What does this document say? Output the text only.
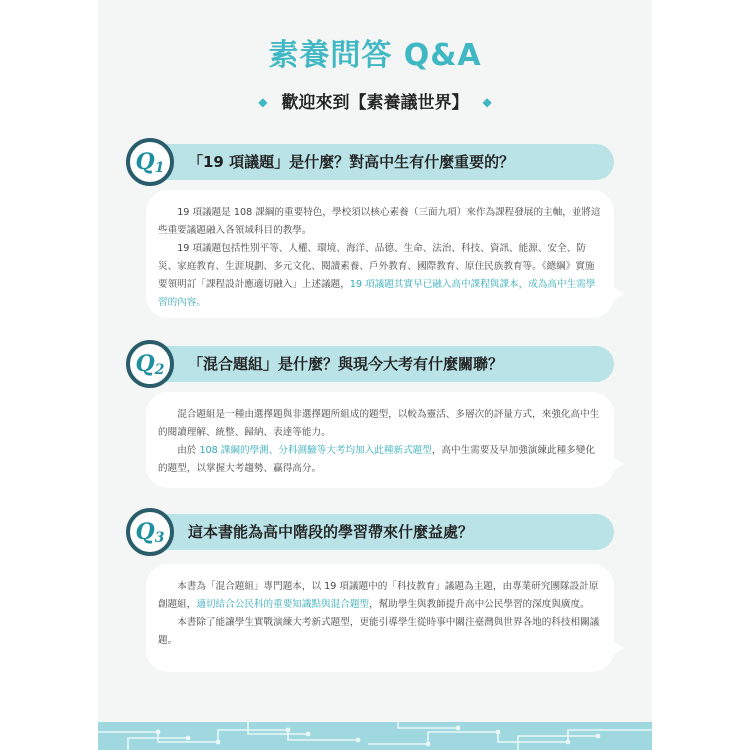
素養問答 Q&A
◆ 歡迎來到【素養議世界】 ◆
$Q_1$	「19 項議題」是什麼？對高中生有什麼重要的？

19 項議題是 108 課綱的重要特色，學校須以核心素養（三面九項）來作為課程發展的主軸，並將這些重要議題融入各領域科目的教學。

19 項議題包括性別平等、人權、環境、海洋、品德、生命、法治、科技、資訊、能源、安全、防災、家庭教育、生涯規劃、多元文化、閱讀素養、戶外教育、國際教育、原住民族教育等。《總綱》實施要領明訂「課程設計應適切融入」上述議題，19 項議題其實早已融入高中課程與課本，成為高中生需學習的內容。

$Q_2$	「混合題組」是什麼？與現今大考有什麼關聯？

混合題組是一種由選擇題與非選擇題所組成的題型，以較為靈活、多層次的評量方式，來強化高中生的閱讀理解、統整、歸納、表達等能力。

由於 108 課綱的學測、分科測驗等大考均加入此種新式題型，高中生需要及早加強演練此種多變化的題型，以掌握大考趨勢、贏得高分。

$Q_3$	這本書能為高中階段的學習帶來什麼益處？

本書為「混合題組」專門題本，以 19 項議題中的「科技教育」議題為主題，由專業研究團隊設計原創題組，適切結合公民科的重要知識點與混合題型，幫助學生與教師提升高中公民學習的深度與廣度。

本書除了能讓學生實戰演練大考新式題型，更能引導學生從時事中關注臺灣與世界各地的科技相關議題。
